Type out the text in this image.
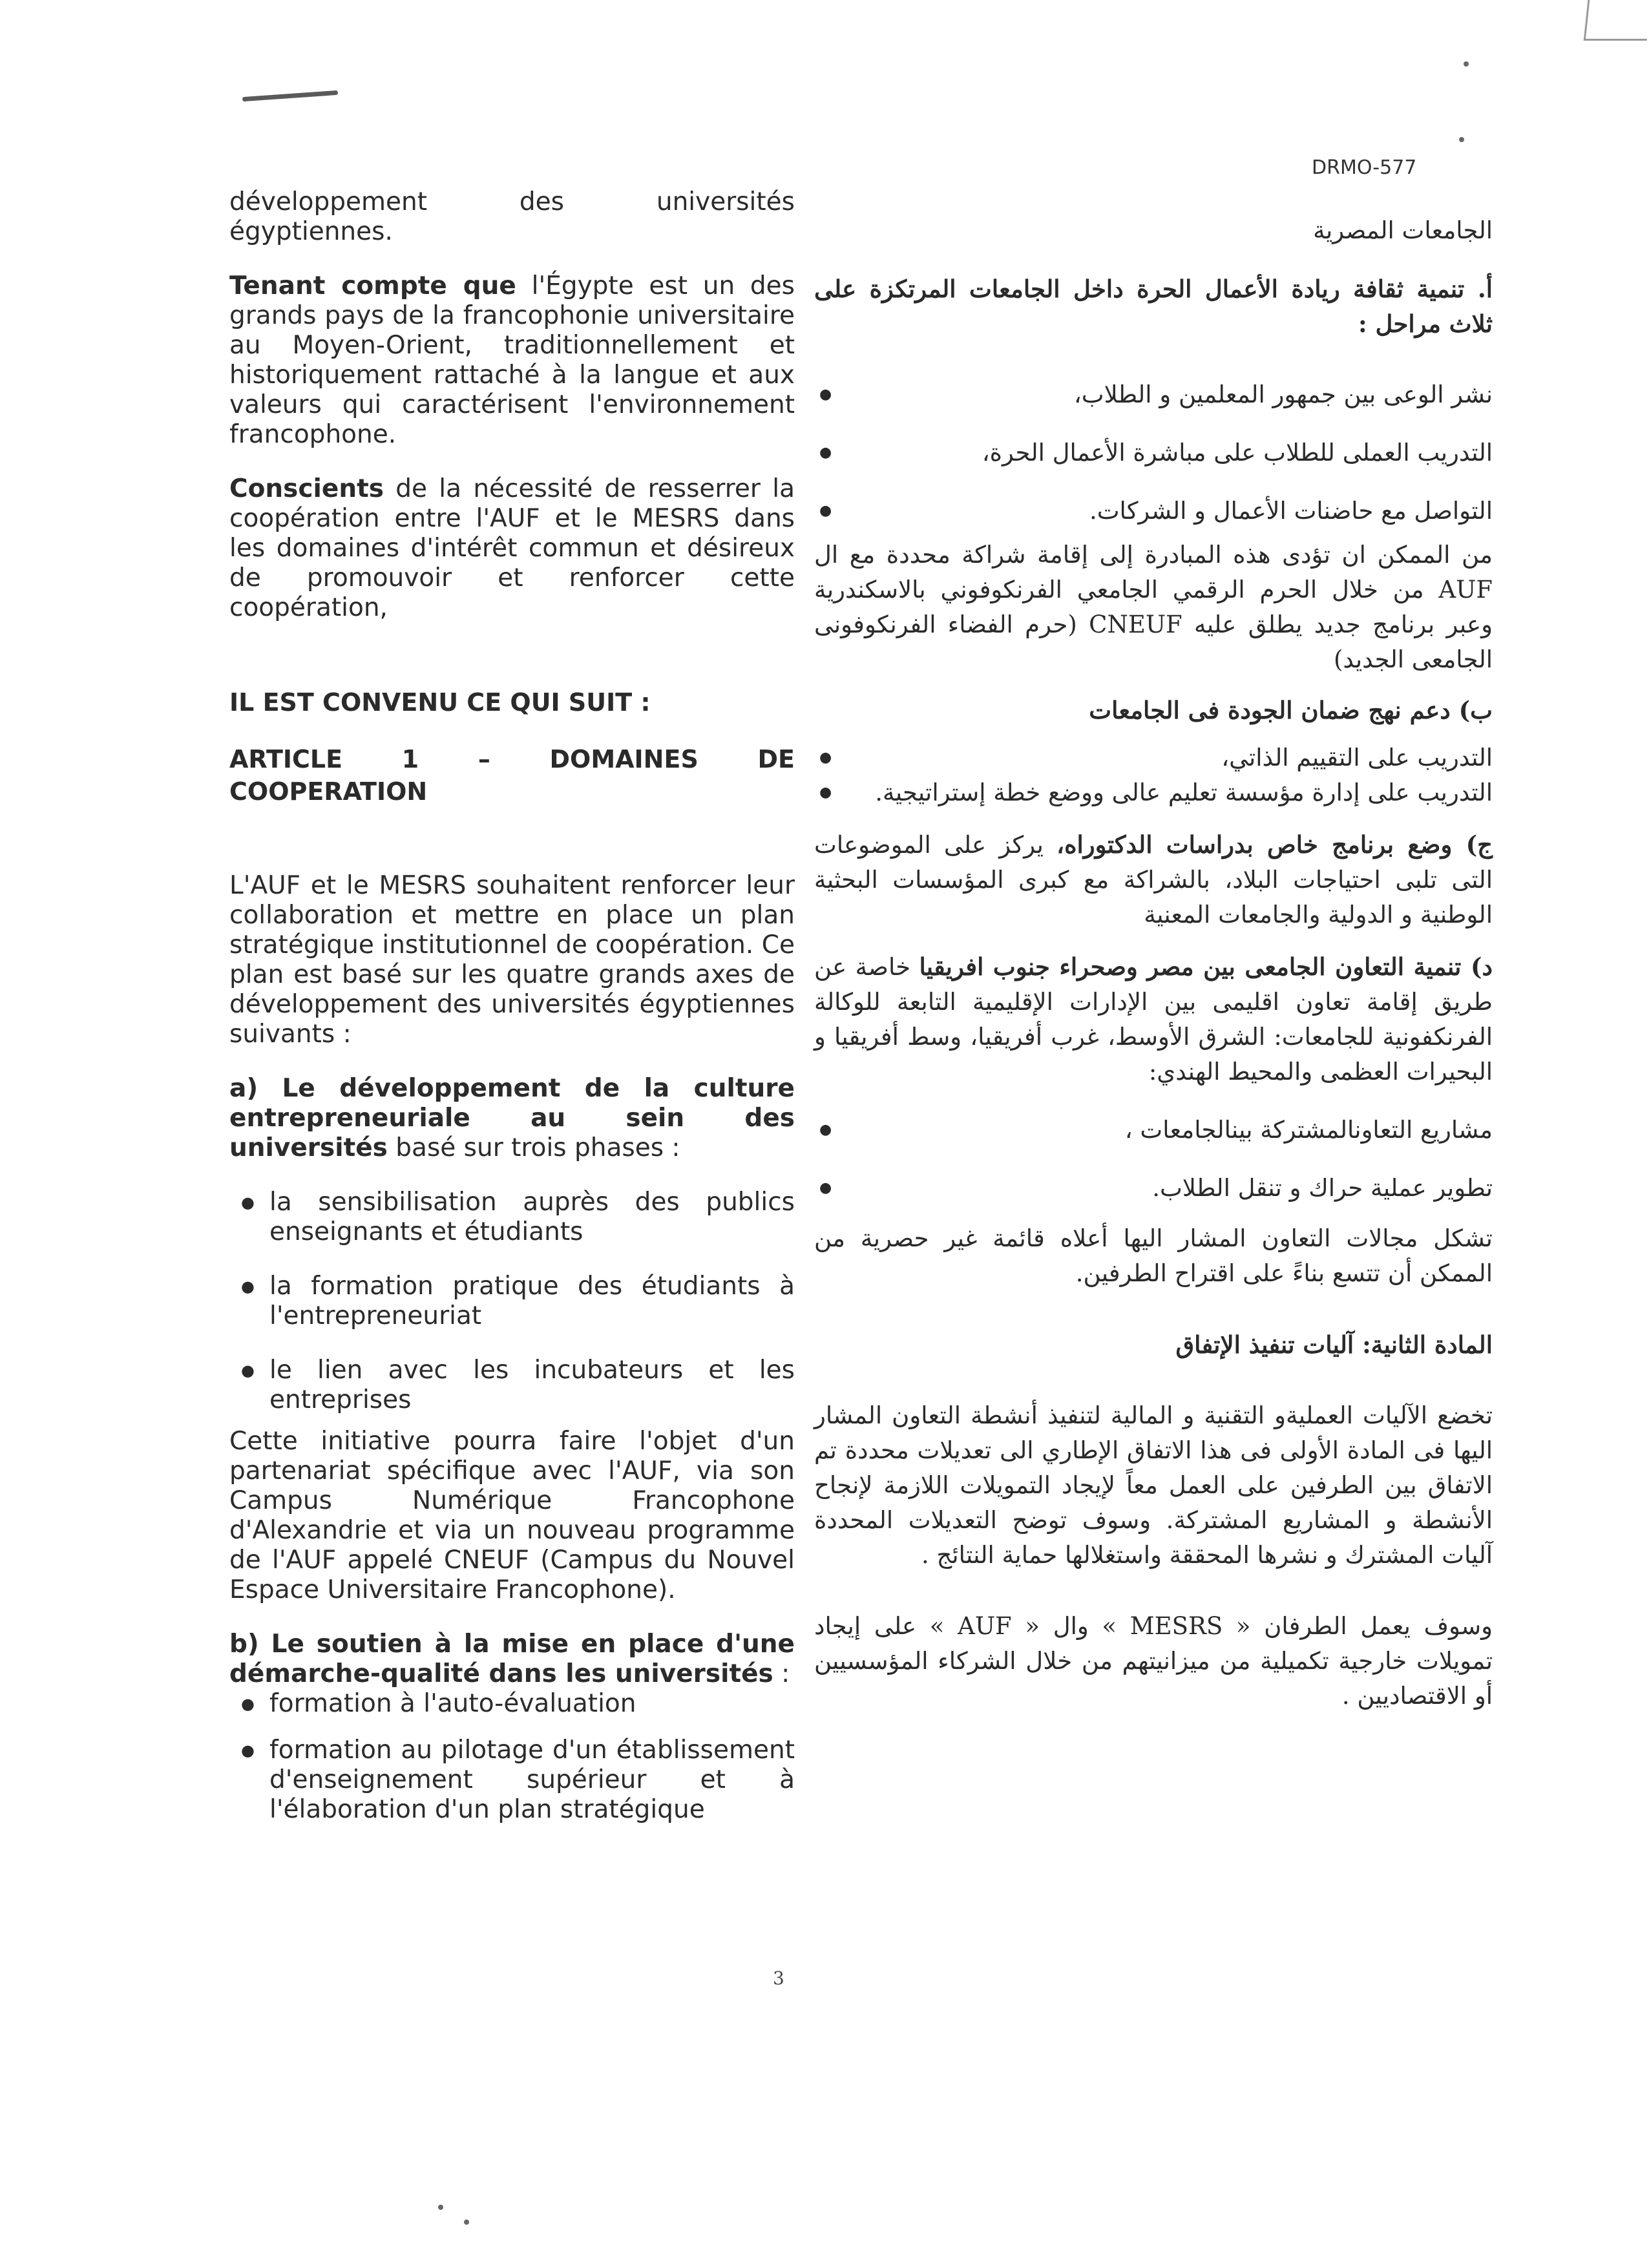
DRMO-577

développement des universités égyptiennes.

Tenant compte que l'Égypte est un des grands pays de la francophonie universitaire au Moyen-Orient, traditionnellement et historiquement rattaché à la langue et aux valeurs qui caractérisent l'environnement francophone.

Conscients de la nécessité de resserrer la coopération entre l'AUF et le MESRS dans les domaines d'intérêt commun et désireux de promouvoir et renforcer cette coopération,

IL EST CONVENU CE QUI SUIT :

ARTICLE 1 – DOMAINES DE

COOPERATION

L'AUF et le MESRS souhaitent renforcer leur collaboration et mettre en place un plan stratégique institutionnel de coopération. Ce plan est basé sur les quatre grands axes de développement des universités égyptiennes suivants :

a) Le développement de la culture entrepreneuriale au sein des universités basé sur trois phases :

● la sensibilisation auprès des publics enseignants et étudiants
● la formation pratique des étudiants à l'entrepreneuriat
● le lien avec les incubateurs et les entreprises

Cette initiative pourra faire l'objet d'un partenariat spécifique avec l'AUF, via son Campus Numérique Francophone d'Alexandrie et via un nouveau programme de l'AUF appelé CNEUF (Campus du Nouvel Espace Universitaire Francophone).

b) Le soutien à la mise en place d'une démarche-qualité dans les universités :

● formation à l'auto-évaluation
● formation au pilotage d'un établissement d'enseignement supérieur et à l'élaboration d'un plan stratégique

الجامعات المصرية

أ. تنمية ثقافة ريادة الأعمال الحرة داخل الجامعات المرتكزة على ثلاث مراحل :

نشر الوعى بين جمهور المعلمين و الطلاب،
●
التدريب العملى للطلاب على مباشرة الأعمال الحرة،
●
التواصل مع حاضنات الأعمال و الشركات.
●

من الممكن ان تؤدى هذه المبادرة إلى إقامة شراكة محددة مع ال AUF من خلال الحرم الرقمي الجامعي الفرنكوفوني بالاسكندرية وعبر برنامج جديد يطلق عليه CNEUF (حرم الفضاء الفرنكوفونى الجامعى الجديد)

ب) دعم نهج ضمان الجودة فى الجامعات

التدريب على التقييم الذاتي،
●
التدريب على إدارة مؤسسة تعليم عالى ووضع خطة إستراتيجية.
●

ج) وضع برنامج خاص بدراسات الدكتوراه، يركز على الموضوعات التى تلبى احتياجات البلاد، بالشراكة مع كبرى المؤسسات البحثية الوطنية و الدولية والجامعات المعنية

د) تنمية التعاون الجامعى بين مصر وصحراء جنوب افريقيا خاصة عن طريق إقامة تعاون اقليمى بين الإدارات الإقليمية التابعة للوكالة الفرنكفونية للجامعات: الشرق الأوسط، غرب أفريقيا، وسط أفريقيا و البحيرات العظمى والمحيط الهندي:

مشاريع التعاونالمشتركة بينالجامعات ،
●
تطوير عملية حراك و تنقل الطلاب.
●

تشكل مجالات التعاون المشار اليها أعلاه قائمة غير حصرية من الممكن أن تتسع بناءً على اقتراح الطرفين.

المادة الثانية: آليات تنفيذ الإتفاق

تخضع الآليات العمليةو التقنية و المالية لتنفيذ أنشطة التعاون المشار اليها فى المادة الأولى فى هذا الاتفاق الإطاري الى تعديلات محددة تم الاتفاق بين الطرفين على العمل معاً لإيجاد التمويلات اللازمة لإنجاح الأنشطة و المشاريع المشتركة. وسوف توضح التعديلات المحددة آليات المشترك و نشرها المحققة واستغلالها حماية النتائج .

وسوف يعمل الطرفان « MESRS » وال « AUF » على إيجاد تمويلات خارجية تكميلية من ميزانيتهم من خلال الشركاء المؤسسيين أو الاقتصاديين .

3
